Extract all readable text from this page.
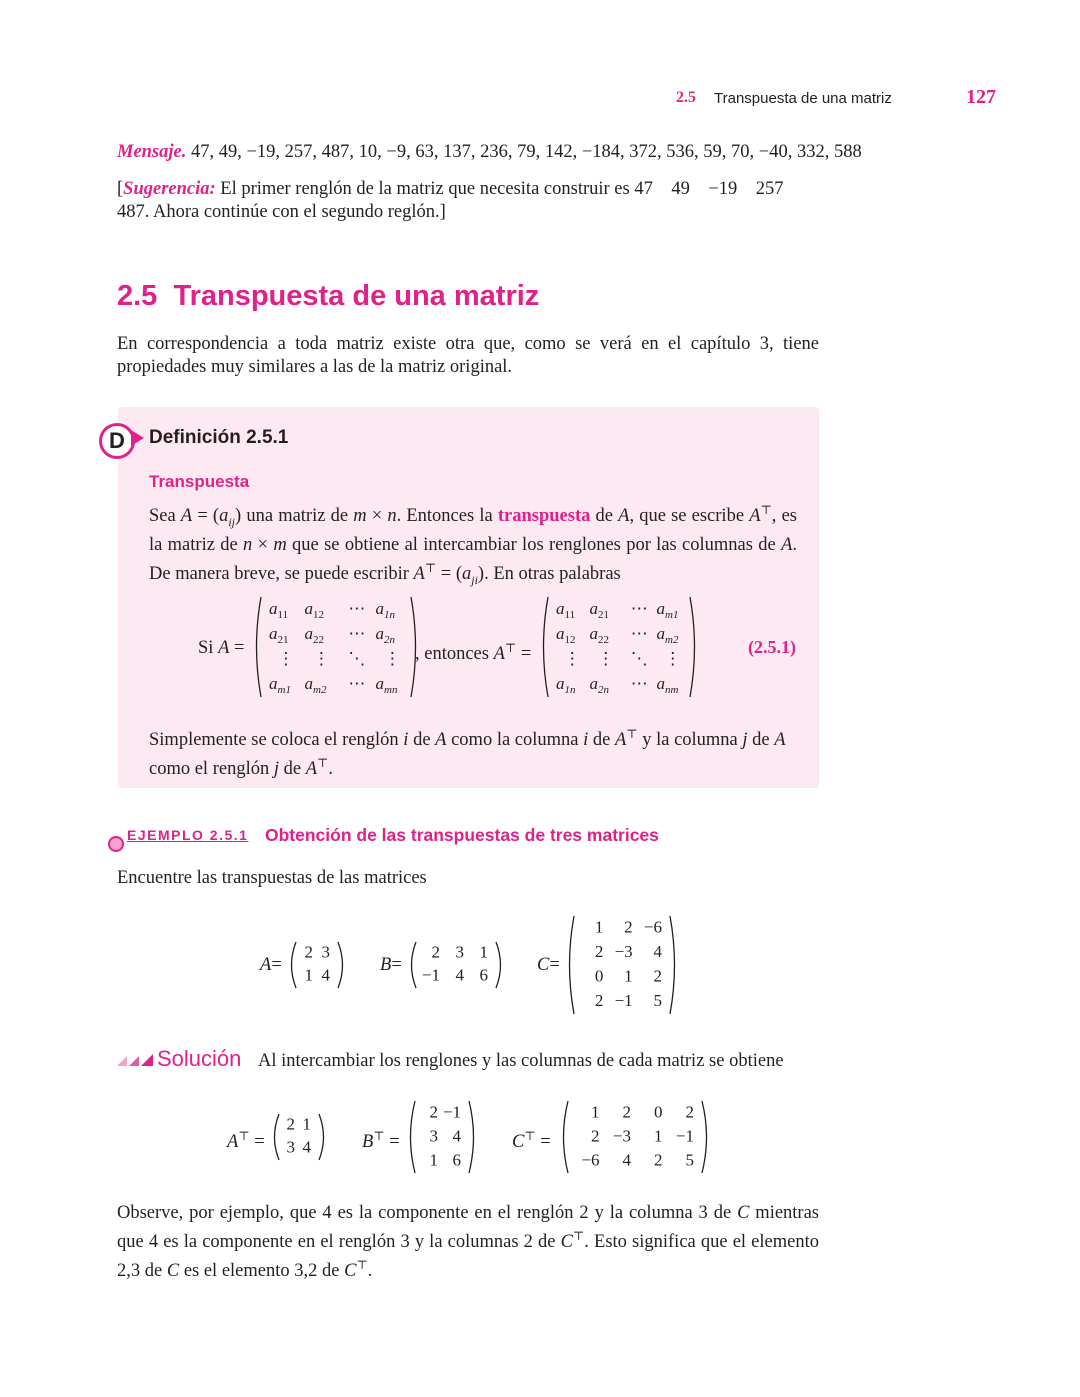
2.5 Transpuesta de una matriz	127
Mensaje. 47, 49, −19, 257, 487, 10, −9, 63, 137, 236, 79, 142, −184, 372, 536, 59, 70, −40, 332, 588
[Sugerencia: El primer renglón de la matriz que necesita construir es 47    49    −19    257    487. Ahora continúe con el segundo reglón.]
2.5 Transpuesta de una matriz
En correspondencia a toda matriz existe otra que, como se verá en el capítulo 3, tiene propiedades muy similares a las de la matriz original.
D	Definición 2.5.1
Transpuesta
Sea $A = (a_{ij})$ una matriz de m × n. Entonces la transpuesta de A, que se escribe A⊤, es la matriz de n × m que se obtiene al intercambiar los renglones por las columnas de A. De manera breve, se puede escribir $A^⊤ = (a_{ji})$. En otras palabras
Si A =
$a_{11}$ $a_{12}$ ⋯ $a_{1n}$
$a_{21}$ $a_{22}$ ⋯ $a_{2n}$
⋮ ⋮ ⋱ ⋮
$a_{m1}$ $a_{m2}$ ⋯ $a_{mn}$
, entonces A⊤ =
$a_{11}$ $a_{21}$ ⋯ $a_{m1}$
$a_{12}$ $a_{22}$ ⋯ $a_{m2}$
⋮ ⋮ ⋱ ⋮
$a_{1n}$ $a_{2n}$ ⋯ $a_{nm}$
(2.5.1)
Simplemente se coloca el renglón i de A como la columna i de A⊤ y la columna j de A como el renglón j de A⊤.
EJEMPLO 2.5.1 Obtención de las transpuestas de tres matrices
Encuentre las transpuestas de las matrices
A=
2 3
1 4
B=
2 3 1
−1 4 6
C=
1 2 −6
2 −3 4
0 1 2
2 −1 5
Solución Al intercambiar los renglones y las columnas de cada matriz se obtiene
A⊤ =
2 1
3 4	B⊤ =
2 −1
3 4
1 6
C⊤ =
1 2 0 2
2 −3 1 −1
−6 4 2 5
Observe, por ejemplo, que 4 es la componente en el renglón 2 y la columna 3 de C mientras que 4 es la componente en el renglón 3 y la columnas 2 de C⊤. Esto significa que el elemento 2,3 de C es el elemento 3,2 de C⊤.
